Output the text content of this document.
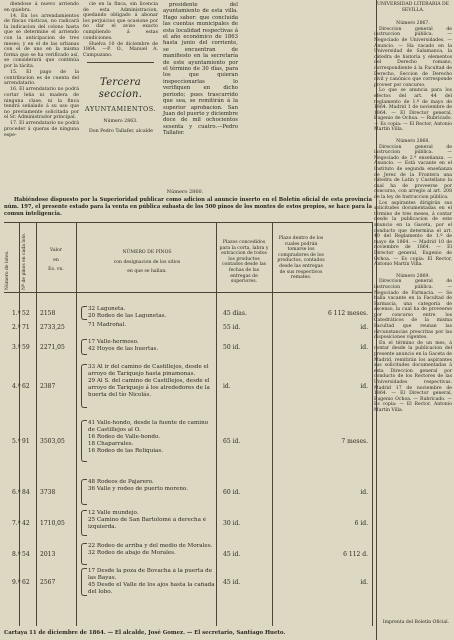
diendose á nuevo arriendo en quiebra.

14. En los arrendamientos de fincas rústicas, no radicará la indicacion del colono hasta que se determine el arriendo con la anticipacion de tres meses; y en el de las urbanas con el de uno en la misma forma que se ha verificado así, se considerará que continúa por la tácita.

15. El pago de la contribucion es de cuenta del arrendatario.

16. El arrendatario no podrá cortar leña ni madera de ninguna clase, ni la finca tendrá señalado á su uso que no previamente solicitada por el Sr. Administrador principal.

17. El arrendatario no podrá proceder á queras de ninguna espe-

cie en la finca, sin licencia de esta Administracion, quedando obligado á abonar los perjuicios que ocasione por no dar el aviso exacto cumpliendo á estas condiciones.

Huelva 10 de diciembre de 1864. —P. O., Manuel A. Campuzano.

Tercera seccion.
AYUNTAMIENTOS.

Número 2863.

Don Pedro Tallafer, alcalde

presidente del ayuntamiento de esta villa. Hago saber: que concluida las cuentas municipales de esta localidad respectivas á el año económico de 1863 hasta junio del corriente, se encuentran de manifiesto en la secretaría de este ayuntamiento por el término de 30 días, para los que quieran inspeccionarlas lo verifiquen en dicho periodo; pues trascurrido que sea, se remitirán á la superior aprobacion. San Juan del puerto y diciembre doce de mil ochocientos sesenta y cuatro.—Pedro Tallafer.

Número 2860.

Habiéndose dispuesto por la Superioridad publicar como adicion al anuncio inserto en el Boletín oficial de esta provincia núm. 197, el presente estado para la venta en pública subasta de los 500 pinos de los montes de estos propios, se hace para la comun inteligencia.

Número de lotes.	Nº de pinos en cada lote.	Valor
en
Es. vn.
NÚMERO DE PINOS
con designacion de los sitios
en que se hallan.
Plazos concedidos para la corta, labra y extraccion de todos los productos contados desde las fechas de las entregas de superiores.
Plazo dentro de los cuales podrán tomarse los compradores de los productos, contados desde las entregas de sus respectivos remates.
1.º 52	2158
32 Laguneta.
20 Rodeo de las Lagunetas.	45 días.	6 112 meses.
2.º 71	2733,25	71 Madroñal.	55 id.	id.
3.º 59	2271,05
17 Valle-hermoso.
42 Hoyos de las huertas.	50 id.	id.
4.º 62	2387
33 Al ir del camino de Castillejos, desde el arroyo de Tariquejo hasta pinamonas.
29 Al S. del camino de Castillejos, desde el arroyo de Tariquejo á los alrededores de la huerta del tío Nicolás.
id.	id.
5.º 91	3503,05
41 Valle-hondo, desde la fuente de camino de Castillejos al O.
16 Rodeo de Valle-hondo.
18 Chaparrales.
16 Rodeo de las Reliquias.
65 id.	7 meses.
6.º 84	3738
48 Rodeos de Pajarero.
36 Valle y rodeo de puerto moreno.	60 id.	id.
7.º 42	1710,05
12 Valle mundejo.
25 Camino de San Bartolomé á derecha é izquierda.	30 id.	6 id.
8.º 54	2013
22 Rodeo de arriba y del medio de Morales.
32 Rodeo de abajo de Morales.	45 id.	6 112 d.
9.º 62	2567
17 Desde la poza de Bovacha á la puerta de las Bayas.
45 Desde el Valle de los ajos hasta la cañada del lobo.
45 id.	id.
Cartaya 11 de diciembre de 1864. — El alcalde, José Gomez. — El secretario, Santiago Hueto.

UNIVERSIDAD LITERARIA DE SEVILLA.

Número 2867.

Direccion general de instruccion pública. — Negociado de Universidades. — Anuncio. — Ha vacado en la Universidad de Salamanca, la cátedra de historia y elementos del Derecho romano, correspondiente á la Facultad de Derecho, Seccion de Derecho civil y canónico que corresponde proveer por concurso.

Lo que se anuncia para los efectos del art. 44 del reglamento de 1.º de mayo de 1864. Madrid 1 de noviembre de 1864. — El Director general, Eugenio de Ochoa. — Rubricado. — Es copia: — El Rector, Antonio Martín Villa.

Número 2868.

Direccion general de instruccion pública. — Negociado de 2.ª enseñanza. — Anuncio. — Está vacante en el Instituto de segunda enseñanza de Jerez de la Frontera una cátedra de Latín y Castellano la cual ha de proveerse por concurso, con arreglo al art. 208 de la ley de Instruccion pública.

Los aspirantes dirigirán sus solicitudes documentadas en el término de tres meses, á contar desde la publicacion de este anuncio en la Gaceta, por el conducto que determina el art. 40 del Reglamento de 1.º de mayo de 1864. — Madrid 10 de noviembre de 1864. — El Director general, Eugenio de Ochoa. — Es copia: El Rector, Antonio Martín Villa.

Número 2869.

Direccion general de instruccion pública. — Negociado de Farmacia. — Se halla vacante en la Facultad de Farmacia, una categoría de ascenso, la cual ha de proveerse por concurso entre los Catedráticos de la misma Facultad que reunan las circunstancias prescritas por las disposiciones vigentes.

En el término de un mes, á contar desde la publicacion del presente anuncio en la Gaceta de Madrid, remitirán los aspirantes sus solicitudes documentadas á esta Direccion general por conducto de los Rectores de las Universidades respectivas. Madrid 17 de noviembre de 1864. — El Director general, Eugenio Ochoa. — Rubricado. — Es copia: — El Rector, Antonio Martín Villa.

Imprenta del Boletín Oficial.
